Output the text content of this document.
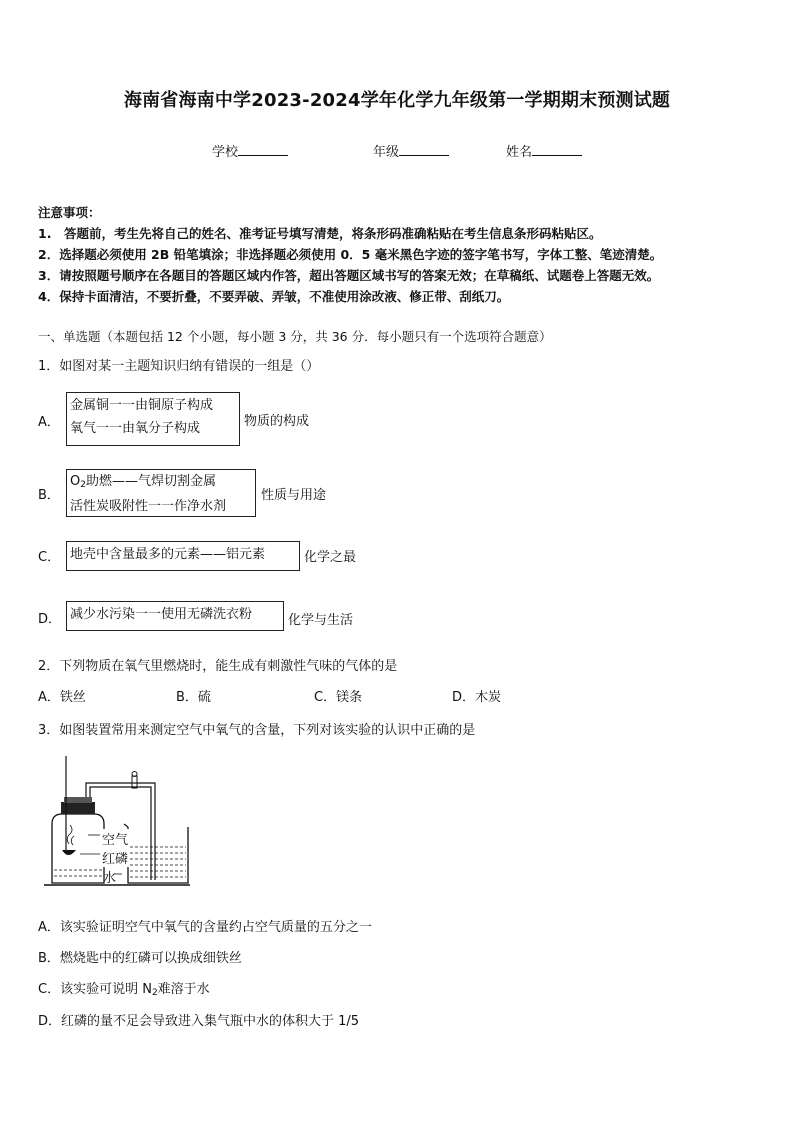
海南省海南中学2023-2024学年化学九年级第一学期期末预测试题
学校	年级	姓名
注意事项：
1.　答题前，考生先将自己的姓名、准考证号填写清楚，将条形码准确粘贴在考生信息条形码粘贴区。
2．选择题必须使用 2B 铅笔填涂；非选择题必须使用 0．5 毫米黑色字迹的签字笔书写，字体工整、笔迹清楚。
3．请按照题号顺序在各题目的答题区域内作答，超出答题区域书写的答案无效；在草稿纸、试题卷上答题无效。
4．保持卡面清洁，不要折叠，不要弄破、弄皱，不准使用涂改液、修正带、刮纸刀。
一、单选题（本题包括 12 个小题，每小题 3 分，共 36 分．每小题只有一个选项符合题意）
1．如图对某一主题知识归纳有错误的一组是（）
A．
金属铜一一由铜原子构成
氧气一一由氧分子构成	物质的构成
B．
$O_2$助燃——气焊切割金属
活性炭吸附性一一作净水剂
性质与用途
C． 地壳中含量最多的元素——铝元素	化学之最
D． 减少水污染一一使用无磷洗衣粉	化学与生活
2．下列物质在氧气里燃烧时，能生成有刺激性气味的气体的是
A．铁丝	B．硫	C．镁条	D．木炭
3．如图装置常用来测定空气中氧气的含量，下列对该实验的认识中正确的是
空气
红磷
水
A．该实验证明空气中氧气的含量约占空气质量的五分之一
B．燃烧匙中的红磷可以换成细铁丝
C．该实验可说明 $N_2$难溶于水
D．红磷的量不足会导致进入集气瓶中水的体积大于 1/5
